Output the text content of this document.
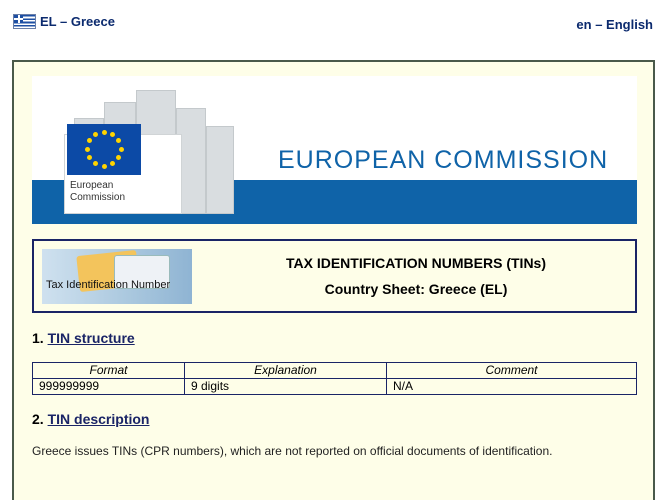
EL – Greece	en – English
European
Commission
EUROPEAN COMMISSION
Tax Identification Number
TAX IDENTIFICATION NUMBERS (TINs)
Country Sheet: Greece (EL)
1. TIN structure
Format	Explanation	Comment
999999999	9 digits	N/A
2. TIN description
Greece issues TINs (CPR numbers), which are not reported on official documents of identification.
